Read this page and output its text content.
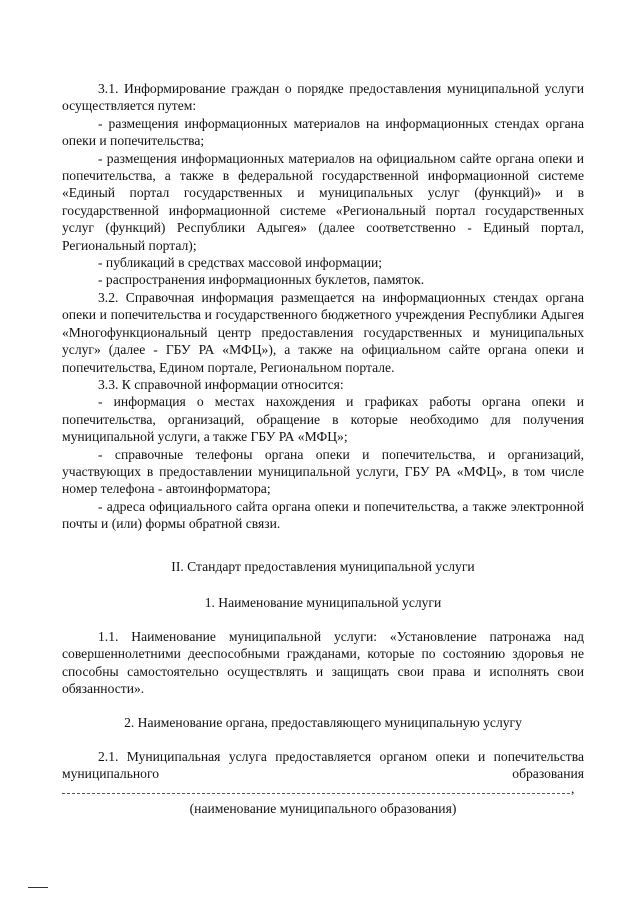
3.1. Информирование граждан о порядке предоставления муниципальной услуги осуществляется путем:

- размещения информационных материалов на информационных стендах органа опеки и попечительства;

- размещения информационных материалов на официальном сайте органа опеки и попечительства, а также в федеральной государственной информационной системе «Единый портал государственных и муниципальных услуг (функций)» и в государственной информационной системе «Региональный портал государственных услуг (функций) Республики Адыгея» (далее соответственно - Единый портал, Региональный портал);

- публикаций в средствах массовой информации;

- распространения информационных буклетов, памяток.

3.2. Справочная информация размещается на информационных стендах органа опеки и попечительства и государственного бюджетного учреждения Республики Адыгея «Многофункциональный центр предоставления государственных и муниципальных услуг» (далее - ГБУ РА «МФЦ»), а также на официальном сайте органа опеки и попечительства, Едином портале, Региональном портале.

3.3. К справочной информации относится:

- информация о местах нахождения и графиках работы органа опеки и попечительства, организаций, обращение в которые необходимо для получения муниципальной услуги, а также ГБУ РА «МФЦ»;

- справочные телефоны органа опеки и попечительства, и организаций, участвующих в предоставлении муниципальной услуги, ГБУ РА «МФЦ», в том числе номер телефона - автоинформатора;

- адреса официального сайта органа опеки и попечительства, а также электронной почты и (или) формы обратной связи.

II. Стандарт предоставления муниципальной услуги

1. Наименование муниципальной услуги

1.1. Наименование муниципальной услуги: «Установление патронажа над совершеннолетними дееспособными гражданами, которые по состоянию здоровья не способны самостоятельно осуществлять и защищать свои права и исполнять свои обязанности».

2. Наименование органа, предоставляющего муниципальную услугу

2.1. Муниципальная услуга предоставляется органом опеки и попечительства муниципального образования

,

(наименование муниципального образования)
